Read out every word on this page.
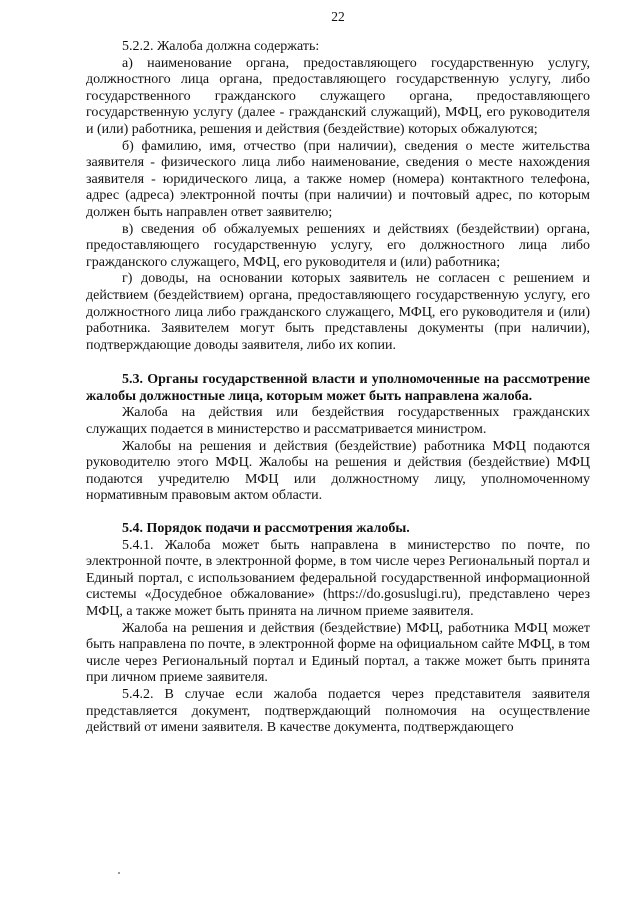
22

5.2.2. Жалоба должна содержать:

а) наименование органа, предоставляющего государственную услугу, должностного лица органа, предоставляющего государственную услугу, либо государственного гражданского служащего органа, предоставляющего государственную услугу (далее - гражданский служащий), МФЦ, его руководителя и (или) работника, решения и действия (бездействие) которых обжалуются;

б) фамилию, имя, отчество (при наличии), сведения о месте жительства заявителя - физического лица либо наименование, сведения о месте нахождения заявителя - юридического лица, а также номер (номера) контактного телефона, адрес (адреса) электронной почты (при наличии) и почтовый адрес, по которым должен быть направлен ответ заявителю;

в) сведения об обжалуемых решениях и действиях (бездействии) органа, предоставляющего государственную услугу, его должностного лица либо гражданского служащего, МФЦ, его руководителя и (или) работника;

г) доводы, на основании которых заявитель не согласен с решением и действием (бездействием) органа, предоставляющего государственную услугу, его должностного лица либо гражданского служащего, МФЦ, его руководителя и (или) работника. Заявителем могут быть представлены документы (при наличии), подтверждающие доводы заявителя, либо их копии.

5.3. Органы государственной власти и уполномоченные на рассмотрение жалобы должностные лица, которым может быть направлена жалоба.

Жалоба на действия или бездействия государственных гражданских служащих подается в министерство и рассматривается министром.

Жалобы на решения и действия (бездействие) работника МФЦ подаются руководителю этого МФЦ. Жалобы на решения и действия (бездействие) МФЦ подаются учредителю МФЦ или должностному лицу, уполномоченному нормативным правовым актом области.

5.4. Порядок подачи и рассмотрения жалобы.

5.4.1. Жалоба может быть направлена в министерство по почте, по электронной почте, в электронной форме, в том числе через Региональный портал и Единый портал, с использованием федеральной государственной информационной системы «Досудебное обжалование» (https://do.gosuslugi.ru), представлено через МФЦ, а также может быть принята на личном приеме заявителя.

Жалоба на решения и действия (бездействие) МФЦ, работника МФЦ может быть направлена по почте, в электронной форме на официальном сайте МФЦ, в том числе через Региональный портал и Единый портал, а также может быть принята при личном приеме заявителя.

5.4.2. В случае если жалоба подается через представителя заявителя представляется документ, подтверждающий полномочия на осуществление действий от имени заявителя. В качестве документа, подтверждающего
